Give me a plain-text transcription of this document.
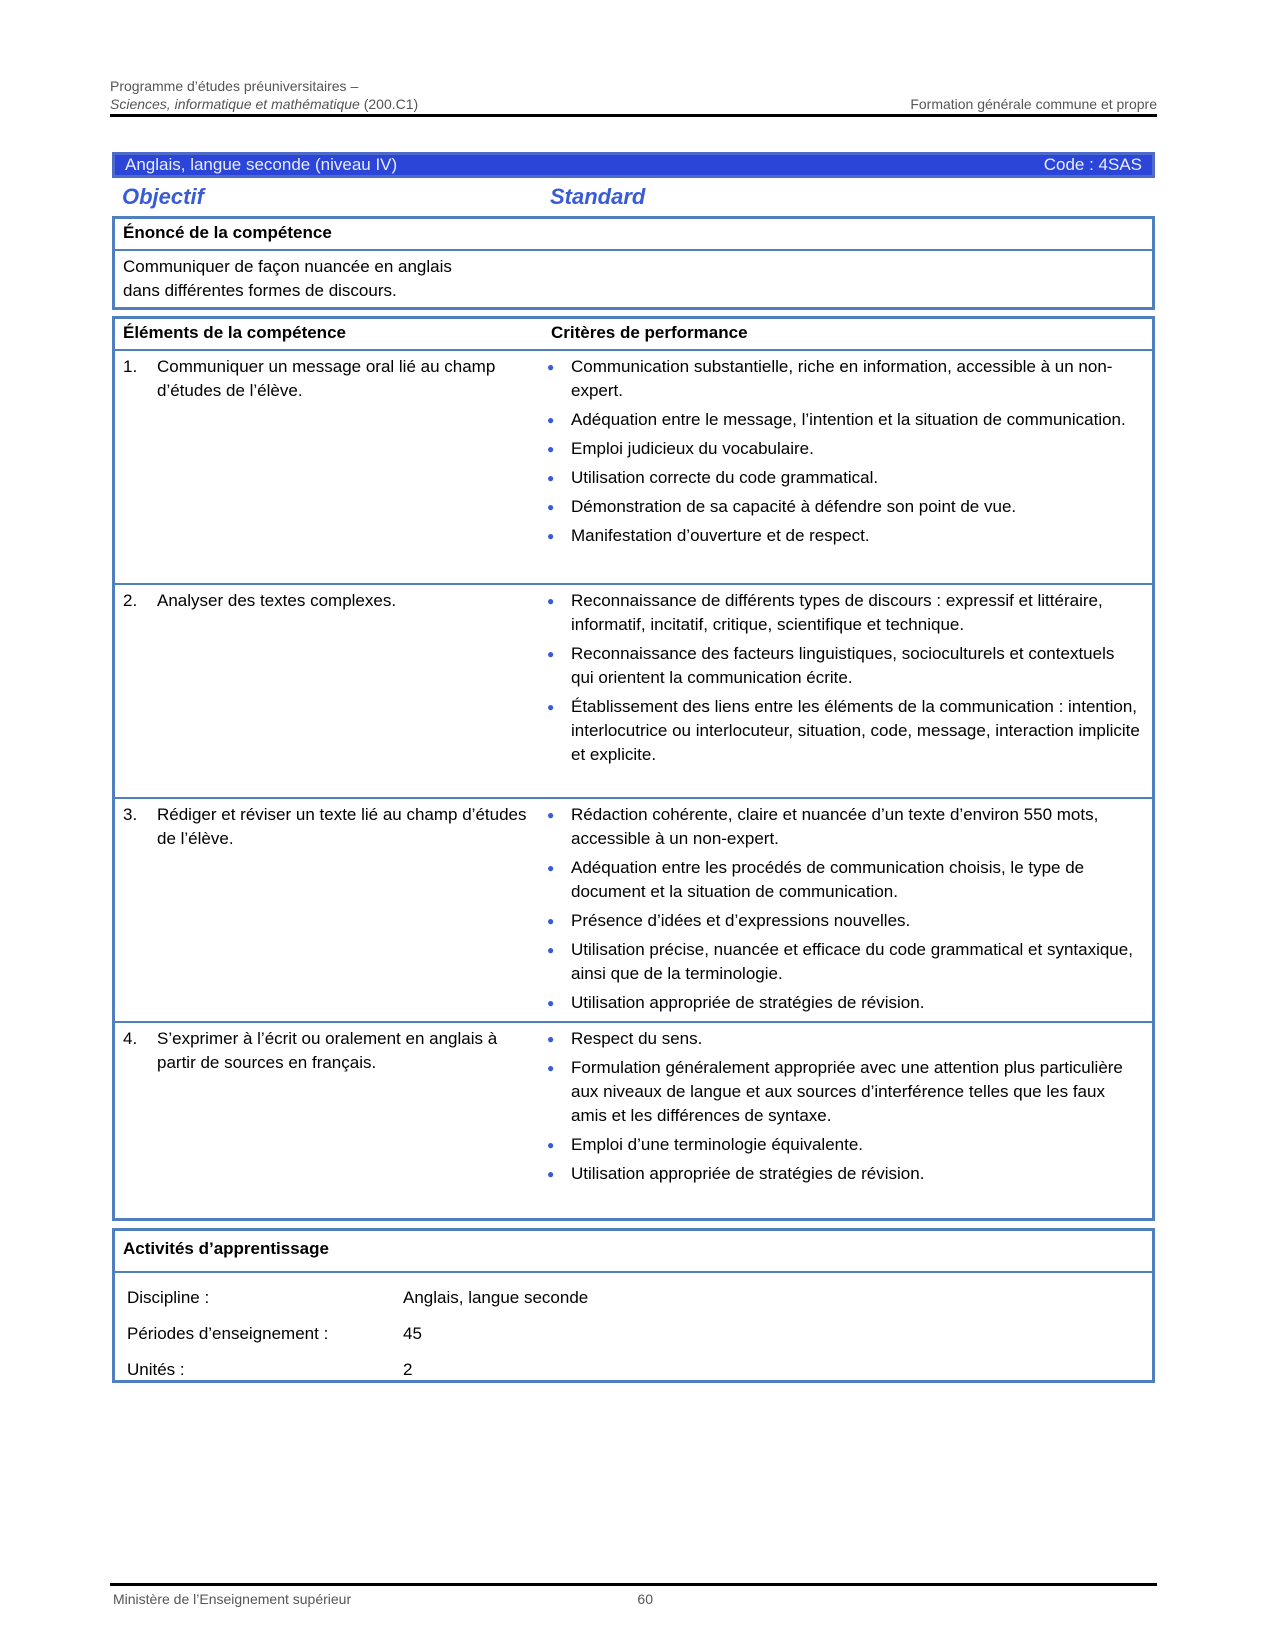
Programme d’études préuniversitaires –
Sciences, informatique et mathématique (200.C1)	Formation générale commune et propre
Anglais, langue seconde (niveau IV)	Code : 4SAS
Objectif	Standard
Énoncé de la compétence
Communiquer de façon nuancée en anglais
dans différentes formes de discours.
Éléments de la compétence	Critères de performance
1.	Communiquer un message oral lié au champ d’études de l’élève.
● Communication substantielle, riche en information, accessible à un non-expert.
● Adéquation entre le message, l’intention et la situation de communication.
● Emploi judicieux du vocabulaire.
● Utilisation correcte du code grammatical.
● Démonstration de sa capacité à défendre son point de vue.
● Manifestation d’ouverture et de respect.
2.	Analyser des textes complexes.	● Reconnaissance de différents types de discours : expressif et littéraire, informatif, incitatif, critique, scientifique et technique.
● Reconnaissance des facteurs linguistiques, socioculturels et contextuels qui orientent la communication écrite.
● Établissement des liens entre les éléments de la communication : intention, interlocutrice ou interlocuteur, situation, code, message, interaction implicite et explicite.
3.	Rédiger et réviser un texte lié au champ d’études de l’élève.
● Rédaction cohérente, claire et nuancée d’un texte d’environ 550 mots, accessible à un non-expert.
● Adéquation entre les procédés de communication choisis, le type de document et la situation de communication.
● Présence d’idées et d’expressions nouvelles.
● Utilisation précise, nuancée et efficace du code grammatical et syntaxique, ainsi que de la terminologie.
● Utilisation appropriée de stratégies de révision.
4.	S’exprimer à l’écrit ou oralement en anglais à partir de sources en français.
● Respect du sens.
● Formulation généralement appropriée avec une attention plus particulière aux niveaux de langue et aux sources d’interférence telles que les faux amis et les différences de syntaxe.
● Emploi d’une terminologie équivalente.
● Utilisation appropriée de stratégies de révision.
Activités d’apprentissage
Discipline :	Anglais, langue seconde
Périodes d’enseignement :	45
Unités :	2
Ministère de l’Enseignement supérieur	60
